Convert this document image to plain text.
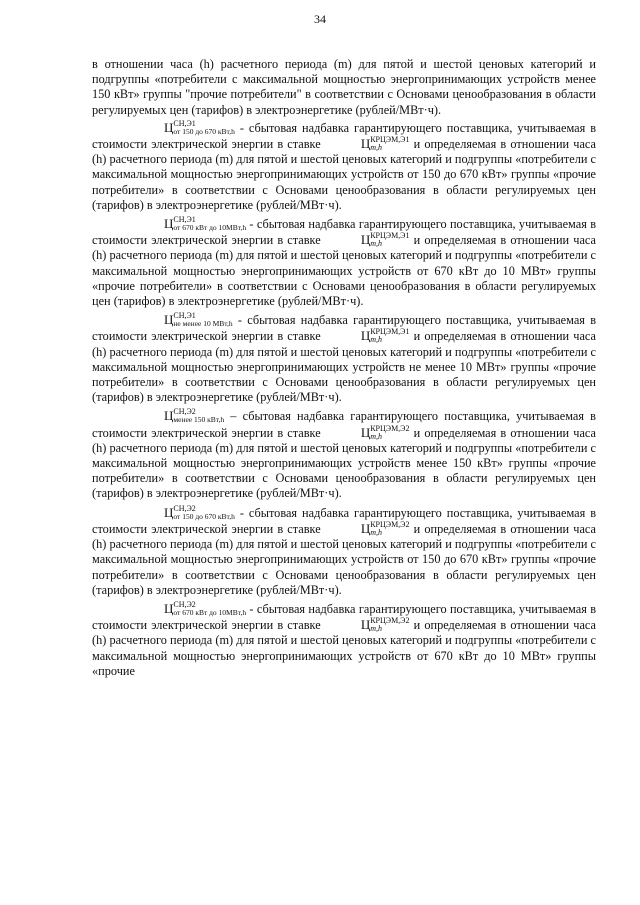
34

в отношении часа (h) расчетного периода (m) для пятой и шестой ценовых категорий и подгруппы «потребители с максимальной мощностью энергопринимающих устройств менее 150 кВт» группы "прочие потребители" в соответствии с Основами ценообразования в области регулируемых цен (тарифов) в электроэнергетике (рублей/МВт·ч).

Ц СН,Э1
от 150 до 670 кВт,h - сбытовая надбавка гарантирующего поставщика, учитываемая в стоимости электрической энергии в ставке	Ц КРЦЭМ,Э1
m,h	и определяемая в отношении часа (h) расчетного периода (m) для пятой и шестой ценовых категорий и подгруппы «потребители с максимальной мощностью энергопринимающих устройств от 150 до 670 кВт» группы «прочие потребители» в соответствии с Основами ценообразования в области регулируемых цен (тарифов) в электроэнергетике (рублей/МВт·ч).

Ц СН,Э1
от 670 кВт до 10МВт,h - сбытовая надбавка гарантирующего поставщика, учитываемая в стоимости электрической энергии в ставке	Ц КРЦЭМ,Э1
m,h	и определяемая в отношении часа (h) расчетного периода (m) для пятой и шестой ценовых категорий и подгруппы «потребители с максимальной мощностью энергопринимающих устройств от 670 кВт до 10 МВт» группы «прочие потребители» в соответствии с Основами ценообразования в области регулируемых цен (тарифов) в электроэнергетике (рублей/МВт·ч).

Ц СН,Э1
не менее 10 МВт,h - сбытовая надбавка гарантирующего поставщика, учитываемая в стоимости электрической энергии в ставке	Ц КРЦЭМ,Э1
m,h	и определяемая в отношении часа (h) расчетного периода (m) для пятой и шестой ценовых категорий и подгруппы «потребители с максимальной мощностью энергопринимающих устройств не менее 10 МВт» группы «прочие потребители» в соответствии с Основами ценообразования в области регулируемых цен (тарифов) в электроэнергетике (рублей/МВт·ч).

Ц СН,Э2
менее 150 кВт,h – сбытовая надбавка гарантирующего поставщика, учитываемая в стоимости электрической энергии в ставке	Ц КРЦЭМ,Э2
m,h	и определяемая в отношении часа (h) расчетного периода (m) для пятой и шестой ценовых категорий и подгруппы «потребители с максимальной мощностью энергопринимающих устройств менее 150 кВт» группы «прочие потребители» в соответствии с Основами ценообразования в области регулируемых цен (тарифов) в электроэнергетике (рублей/МВт·ч).

Ц СН,Э2
от 150 до 670 кВт,h - сбытовая надбавка гарантирующего поставщика, учитываемая в стоимости электрической энергии в ставке	Ц КРЦЭМ,Э2
m,h	и определяемая в отношении часа (h) расчетного периода (m) для пятой и шестой ценовых категорий и подгруппы «потребители с максимальной мощностью энергопринимающих устройств от 150 до 670 кВт» группы «прочие потребители» в соответствии с Основами ценообразования в области регулируемых цен (тарифов) в электроэнергетике (рублей/МВт·ч).

Ц СН,Э2
от 670 кВт до 10МВт,h - сбытовая надбавка гарантирующего поставщика, учитываемая в стоимости электрической энергии в ставке	Ц КРЦЭМ,Э2
m,h	и определяемая в отношении часа (h) расчетного периода (m) для пятой и шестой ценовых категорий и подгруппы «потребители с максимальной мощностью энергопринимающих устройств от 670 кВт до 10 МВт» группы «прочие
